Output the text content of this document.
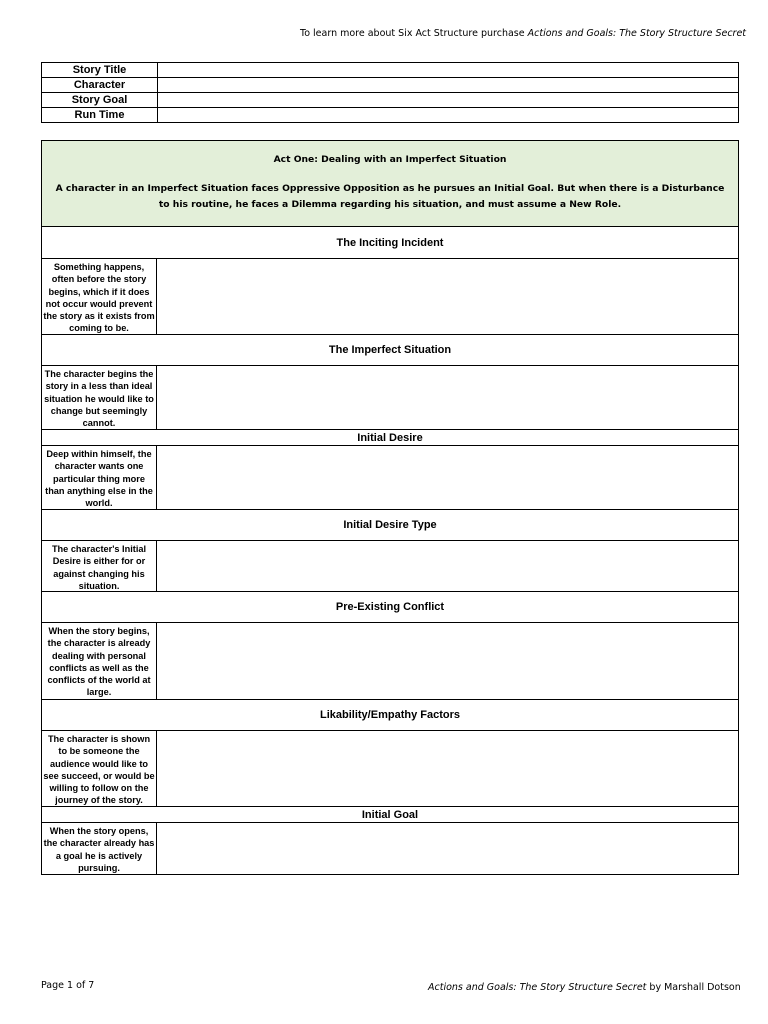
To learn more about Six Act Structure purchase Actions and Goals: The Story Structure Secret
Story Title	
Character	
Story Goal	
Run Time	
Act One: Dealing with an Imperfect Situation
A character in an Imperfect Situation faces Oppressive Opposition as he pursues an Initial Goal. But when there is a Disturbance to his routine, he faces a Dilemma regarding his situation, and must assume a New Role.
The Inciting Incident
Something happens, often before the story begins, which if it does not occur would prevent the story as it exists from coming to be.
The Imperfect Situation
The character begins the story in a less than ideal situation he would like to change but seemingly cannot.
Initial Desire
Deep within himself, the character wants one particular thing more than anything else in the world.
Initial Desire Type
The character's Initial Desire is either for or against changing his situation.
Pre-Existing Conflict
When the story begins, the character is already dealing with personal conflicts as well as the conflicts of the world at large.
Likability/Empathy Factors
The character is shown to be someone the audience would like to see succeed, or would be willing to follow on the journey of the story.
Initial Goal
When the story opens, the character already has a goal he is actively pursuing.
Page 1 of 7	Actions and Goals: The Story Structure Secret by Marshall Dotson
